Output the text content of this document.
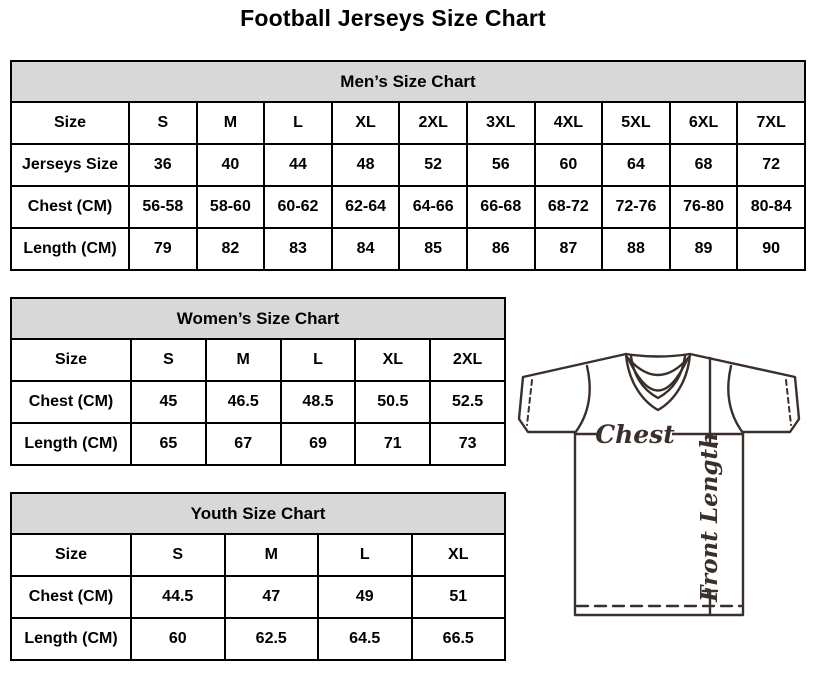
Football Jerseys Size Chart
Men’s Size Chart
Size	S	M	L	XL	2XL	3XL	4XL	5XL	6XL	7XL
Jerseys Size	36	40	44	48	52	56	60	64	68	72
Chest (CM)	56-58	58-60	60-62	62-64	64-66	66-68	68-72	72-76	76-80	80-84
Length (CM)	79	82	83	84	85	86	87	88	89	90
Women’s Size Chart
Size	S	M	L	XL	2XL
Chest (CM)	45	46.5	48.5	50.5	52.5
Length (CM)	65	67	69	71	73
Youth Size Chart
Size	S	M	L	XL
Chest (CM)	44.5	47	49	51
Length (CM)	60	62.5	64.5	66.5
Chest Front Length
